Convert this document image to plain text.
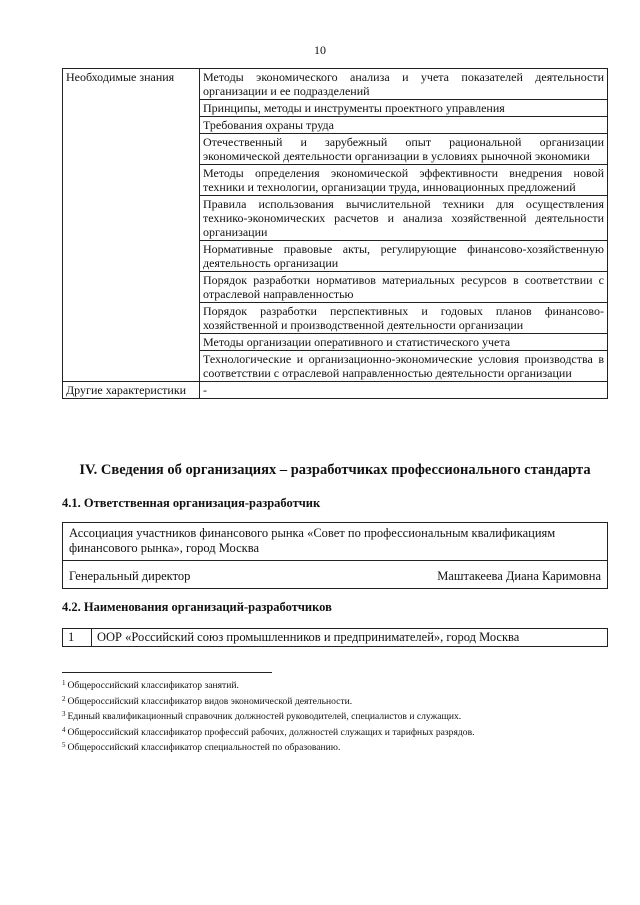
10
Необходимые знания	Методы экономического анализа и учета показателей деятельности организации и ее подразделений
	Принципы, методы и инструменты проектного управления
	Требования охраны труда
	Отечественный и зарубежный опыт рациональной организации экономической деятельности организации в условиях рыночной экономики
	Методы определения экономической эффективности внедрения новой техники и технологии, организации труда, инновационных предложений
	Правила использования вычислительной техники для осуществления технико-экономических расчетов и анализа хозяйственной деятельности организации
	Нормативные правовые акты, регулирующие финансово-хозяйственную деятельность организации
	Порядок разработки нормативов материальных ресурсов в соответствии с отраслевой направленностью
	Порядок разработки перспективных и годовых планов финансово-хозяйственной и производственной деятельности организации
	Методы организации оперативного и статистического учета
	Технологические и организационно-экономические условия производства в соответствии с отраслевой направленностью деятельности организации
Другие характеристики	-
IV. Сведения об организациях – разработчиках профессионального стандарта
4.1. Ответственная организация-разработчик
Ассоциация участников финансового рынка «Совет по профессиональным квалификациям финансового рынка», город Москва
Генеральный директор	Маштакеева Диана Каримовна
4.2. Наименования организаций-разработчиков
1	ООР «Российский союз промышленников и предпринимателей», город Москва
$^1$ Общероссийский классификатор занятий.
$^2$ Общероссийский классификатор видов экономической деятельности.
$^3$ Единый квалификационный справочник должностей руководителей, специалистов и служащих.
$^4$ Общероссийский классификатор профессий рабочих, должностей служащих и тарифных разрядов.
$^5$ Общероссийский классификатор специальностей по образованию.
